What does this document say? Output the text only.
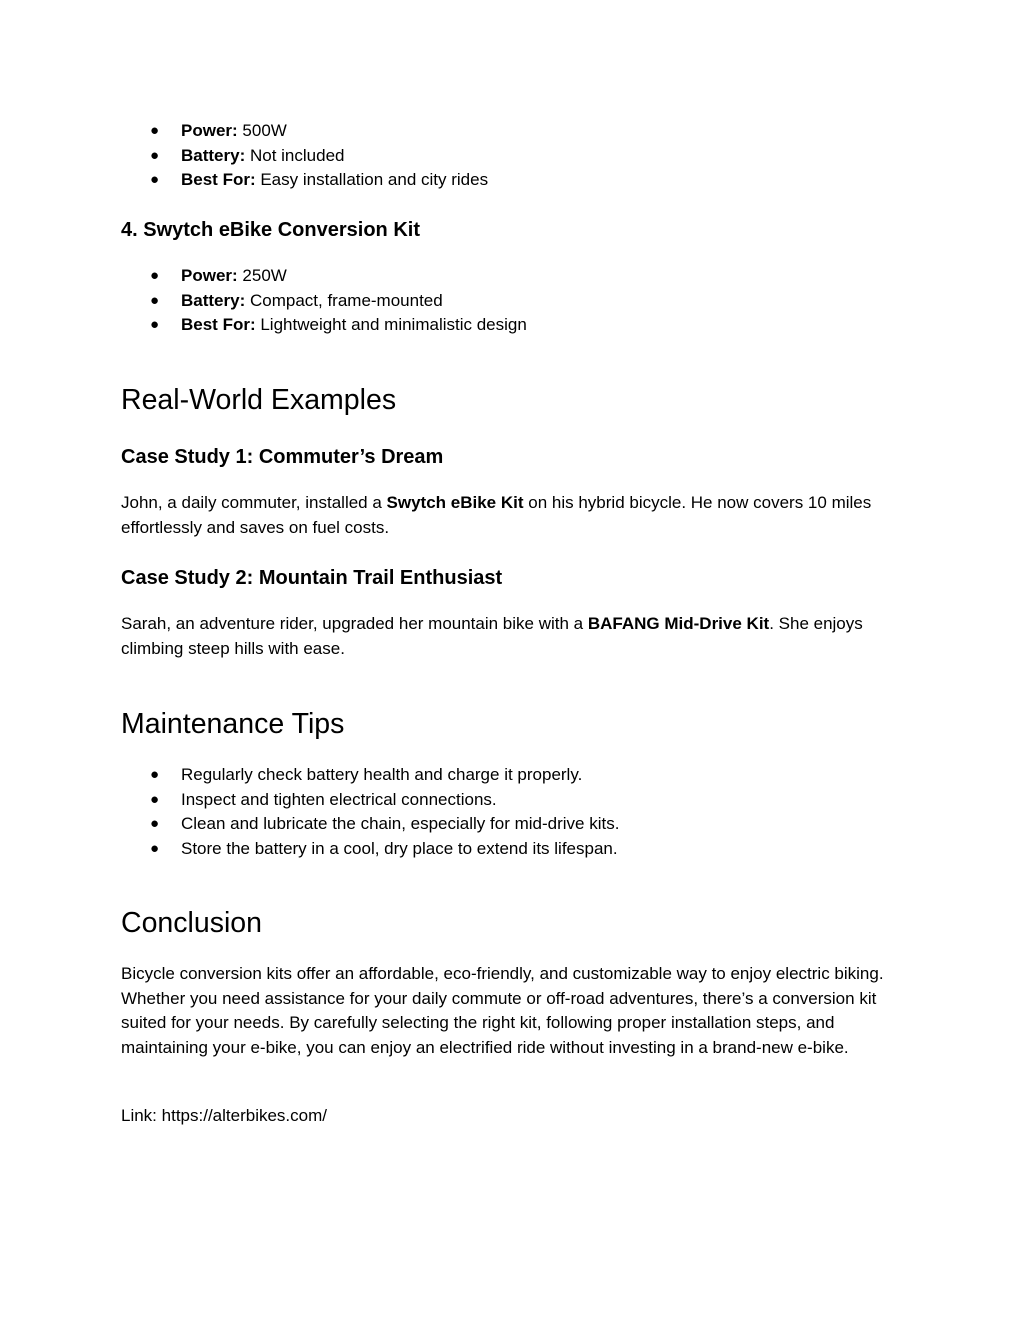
● Power: 500W
● Battery: Not included
● Best For: Easy installation and city rides
4. Swytch eBike Conversion Kit
● Power: 250W
● Battery: Compact, frame-mounted
● Best For: Lightweight and minimalistic design
Real-World Examples
Case Study 1: Commuter’s Dream

John, a daily commuter, installed a Swytch eBike Kit on his hybrid bicycle. He now covers 10 miles effortlessly and saves on fuel costs.

Case Study 2: Mountain Trail Enthusiast

Sarah, an adventure rider, upgraded her mountain bike with a BAFANG Mid-Drive Kit. She enjoys climbing steep hills with ease.

Maintenance Tips
● Regularly check battery health and charge it properly.
● Inspect and tighten electrical connections.
● Clean and lubricate the chain, especially for mid-drive kits.
● Store the battery in a cool, dry place to extend its lifespan.
Conclusion

Bicycle conversion kits offer an affordable, eco-friendly, and customizable way to enjoy electric biking. Whether you need assistance for your daily commute or off-road adventures, there’s a conversion kit suited for your needs. By carefully selecting the right kit, following proper installation steps, and maintaining your e-bike, you can enjoy an electrified ride without investing in a brand-new e-bike.

Link: https://alterbikes.com/
